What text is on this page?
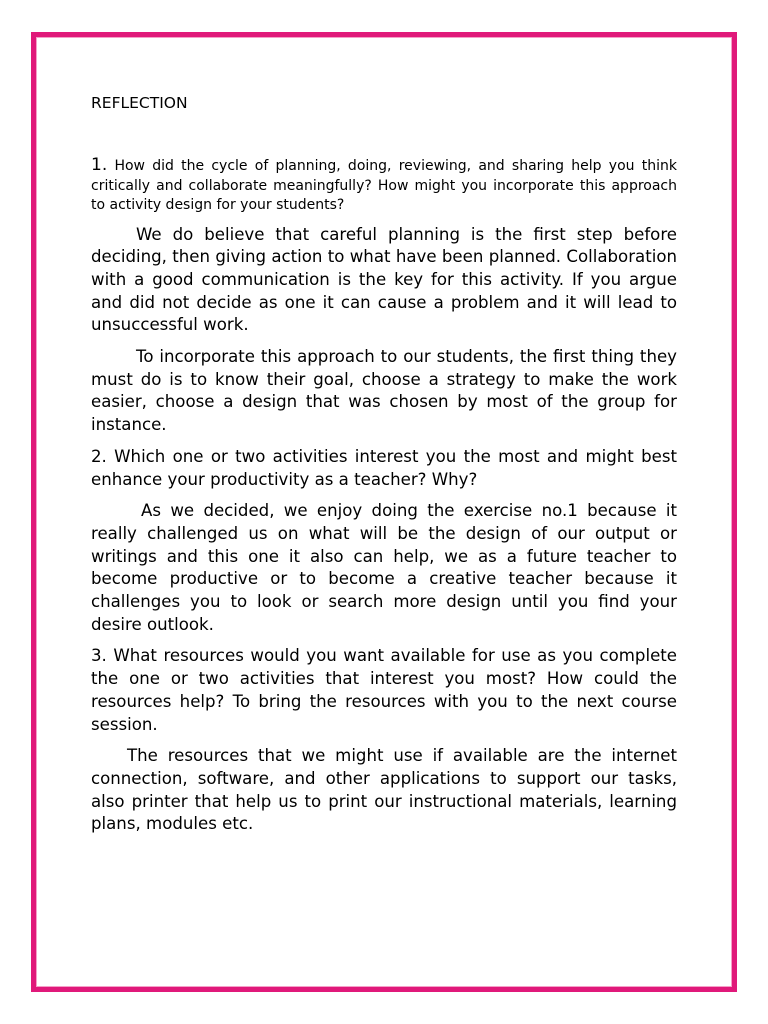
REFLECTION

1. How did the cycle of planning, doing, reviewing, and sharing help you think critically and collaborate meaningfully? How might you incorporate this approach to activity design for your students?

We do believe that careful planning is the first step before deciding, then giving action to what have been planned. Collaboration with a good communication is the key for this activity. If you argue and did not decide as one it can cause a problem and it will lead to unsuccessful work.

To incorporate this approach to our students, the first thing they must do is to know their goal, choose a strategy to make the work easier, choose a design that was chosen by most of the group for instance.

2. Which one or two activities interest you the most and might best enhance your productivity as a teacher? Why?

As we decided, we enjoy doing the exercise no.1 because it really challenged us on what will be the design of our output or writings and this one it also can help, we as a future teacher to become productive or to become a creative teacher because it challenges you to look or search more design until you find your desire outlook.

3. What resources would you want available for use as you complete the one or two activities that interest you most? How could the resources help? To bring the resources with you to the next course session.

The resources that we might use if available are the internet connection, software, and other applications to support our tasks, also printer that help us to print our instructional materials, learning plans, modules etc.
